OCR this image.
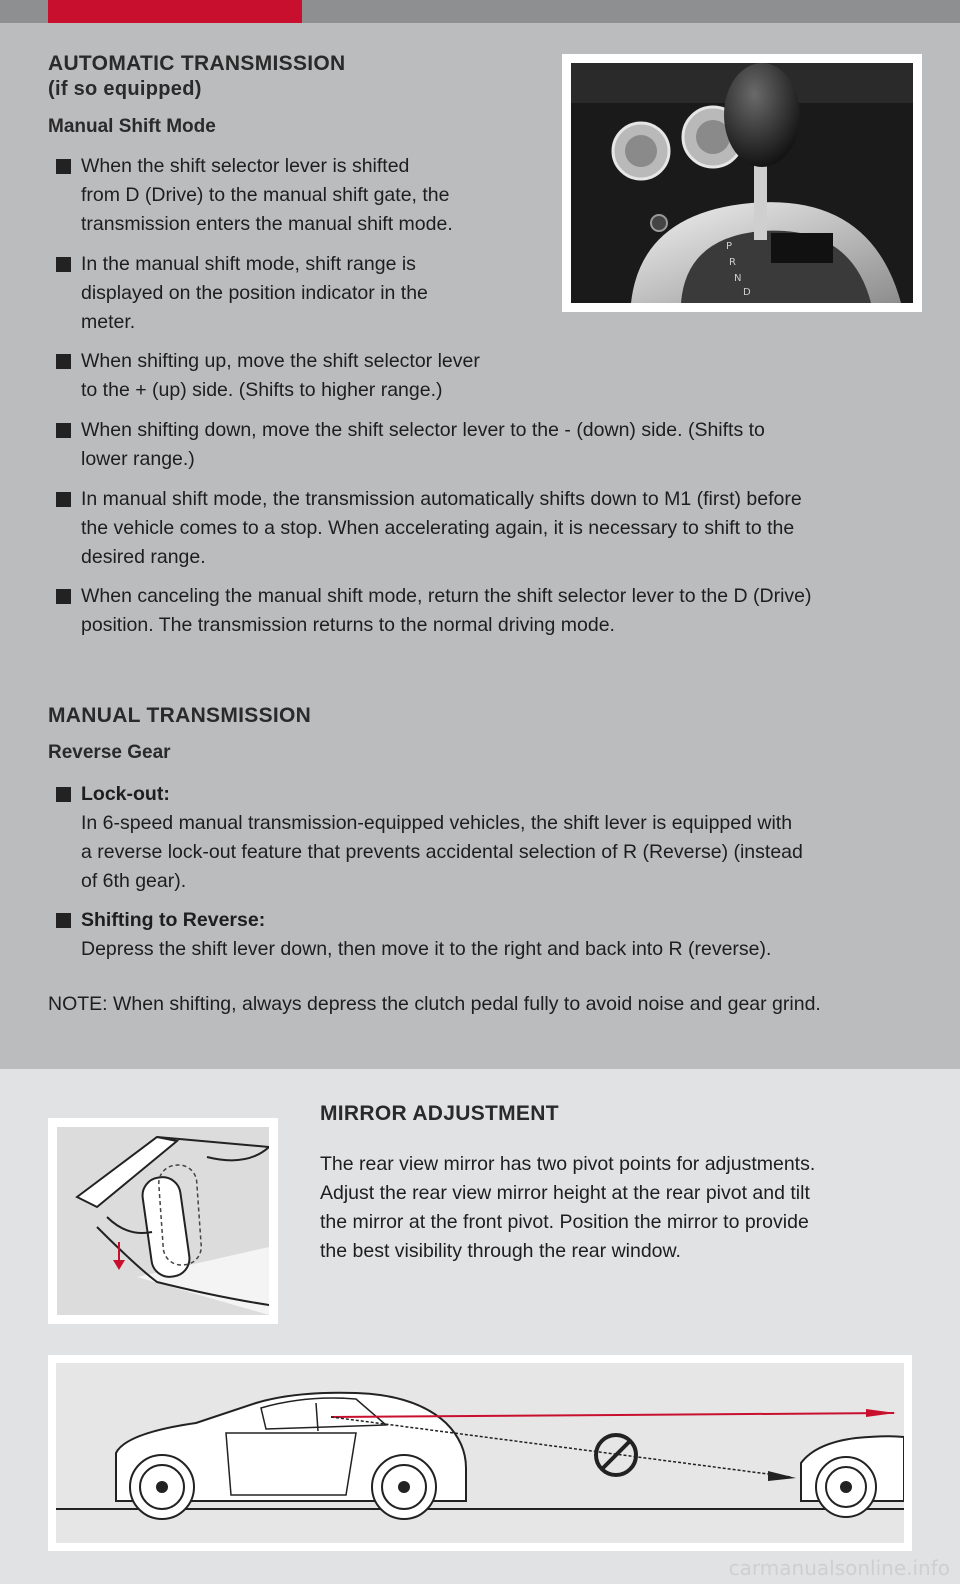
AUTOMATIC TRANSMISSION
(if so equipped)
Manual Shift Mode
When the shift selector lever is shifted
from D (Drive) to the manual shift gate, the
transmission enters the manual shift mode.
In the manual shift mode, shift range is
displayed on the position indicator in the
meter.
When shifting up, move the shift selector lever
to the + (up) side. (Shifts to higher range.)
When shifting down, move the shift selector lever to the - (down) side. (Shifts to
lower range.)
In manual shift mode, the transmission automatically shifts down to M1 (first) before
the vehicle comes to a stop. When accelerating again, it is necessary to shift to the
desired range.
When canceling the manual shift mode, return the shift selector lever to the D (Drive)
position. The transmission returns to the normal driving mode.
P
R
N
D
MANUAL TRANSMISSION
Reverse Gear
Lock-out:
In 6-speed manual transmission-equipped vehicles, the shift lever is equipped with
a reverse lock-out feature that prevents accidental selection of R (Reverse) (instead
of 6th gear).
Shifting to Reverse:
Depress the shift lever down, then move it to the right and back into R (reverse).
NOTE: When shifting, always depress the clutch pedal fully to avoid noise and gear grind.
MIRROR ADJUSTMENT
The rear view mirror has two pivot points for adjustments.
Adjust the rear view mirror height at the rear pivot and tilt
the mirror at the front pivot. Position the mirror to provide
the best visibility through the rear window.
carmanualsonline.info
